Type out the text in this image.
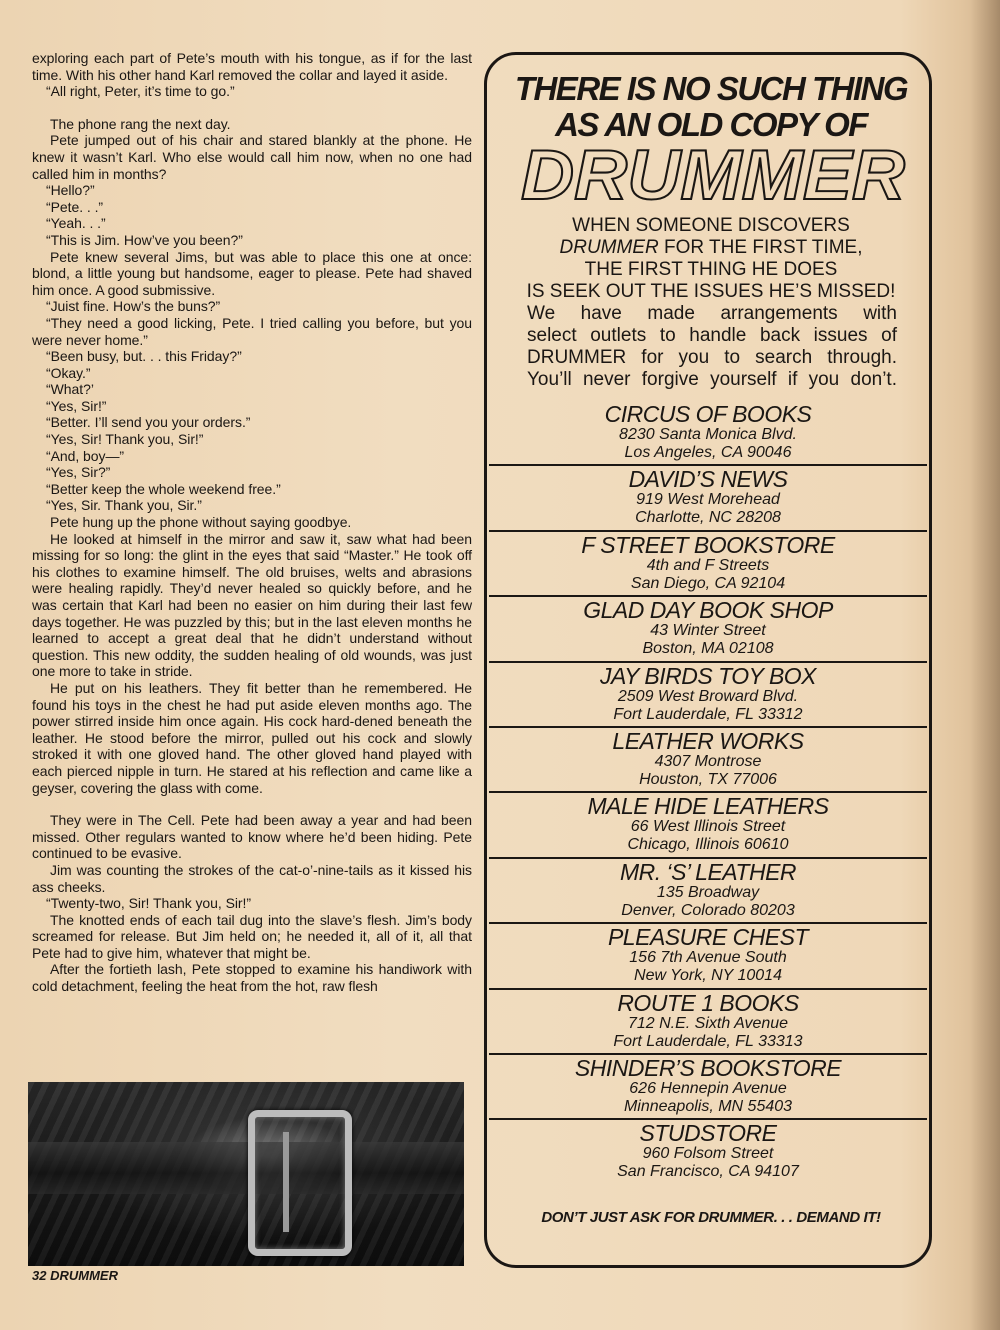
exploring each part of Pete’s mouth with his tongue, as if for the last time. With his other hand Karl removed the collar and layed it aside.

“All right, Peter, it’s time to go.”

The phone rang the next day.

Pete jumped out of his chair and stared blankly at the phone. He knew it wasn’t Karl. Who else would call him now, when no one had called him in months?

“Hello?”

“Pete. . .”

“Yeah. . .”

“This is Jim. How’ve you been?”

Pete knew several Jims, but was able to place this one at once: blond, a little young but handsome, eager to please. Pete had shaved him once. A good submissive.

“Juist fine. How’s the buns?”

“They need a good licking, Pete. I tried calling you before, but you were never home.”

“Been busy, but. . . this Friday?”

“Okay.”

“What?’

“Yes, Sir!”

“Better. I’ll send you your orders.”

“Yes, Sir! Thank you, Sir!”

“And, boy—”

“Yes, Sir?”

“Better keep the whole weekend free.”

“Yes, Sir. Thank you, Sir.”

Pete hung up the phone without saying goodbye.

He looked at himself in the mirror and saw it, saw what had been missing for so long: the glint in the eyes that said “Master.” He took off his clothes to examine himself. The old bruises, welts and abrasions were healing rapidly. They’d never healed so quickly before, and he was certain that Karl had been no easier on him during their last few days together. He was puzzled by this; but in the last eleven months he learned to accept a great deal that he didn’t understand without question. This new oddity, the sudden healing of old wounds, was just one more to take in stride.

He put on his leathers. They fit better than he remembered. He found his toys in the chest he had put aside eleven months ago. The power stirred inside him once again. His cock hard-dened beneath the leather. He stood before the mirror, pulled out his cock and slowly stroked it with one gloved hand. The other gloved hand played with each pierced nipple in turn. He stared at his reflection and came like a geyser, covering the glass with come.

They were in The Cell. Pete had been away a year and had been missed. Other regulars wanted to know where he’d been hiding. Pete continued to be evasive.

Jim was counting the strokes of the cat-o’-nine-tails as it kissed his ass cheeks.

“Twenty-two, Sir! Thank you, Sir!”

The knotted ends of each tail dug into the slave’s flesh. Jim’s body screamed for release. But Jim held on; he needed it, all of it, all that Pete had to give him, whatever that might be.

After the fortieth lash, Pete stopped to examine his handiwork with cold detachment, feeling the heat from the hot, raw flesh

32 DRUMMER
THERE IS NO SUCH THING
AS AN OLD COPY OF
DRUMMER
WHEN SOMEONE DISCOVERS
DRUMMER FOR THE FIRST TIME,
THE FIRST THING HE DOES
IS SEEK OUT THE ISSUES HE’S MISSED!
We have made arrangements with
select outlets to handle back issues of
DRUMMER for you to search through.
You’ll never forgive yourself if you don’t.
CIRCUS OF BOOKS
8230 Santa Monica Blvd.
Los Angeles, CA 90046
DAVID’S NEWS
919 West Morehead
Charlotte, NC 28208
F STREET BOOKSTORE
4th and F Streets
San Diego, CA 92104
GLAD DAY BOOK SHOP
43 Winter Street
Boston, MA 02108
JAY BIRDS TOY BOX
2509 West Broward Blvd.
Fort Lauderdale, FL 33312
LEATHER WORKS
4307 Montrose
Houston, TX 77006
MALE HIDE LEATHERS
66 West Illinois Street
Chicago, Illinois 60610
MR. ‘S’ LEATHER
135 Broadway
Denver, Colorado 80203
PLEASURE CHEST
156 7th Avenue South
New York, NY 10014
ROUTE 1 BOOKS
712 N.E. Sixth Avenue
Fort Lauderdale, FL 33313
SHINDER’S BOOKSTORE
626 Hennepin Avenue
Minneapolis, MN 55403
STUDSTORE
960 Folsom Street
San Francisco, CA 94107
DON’T JUST ASK FOR DRUMMER. . . DEMAND IT!
